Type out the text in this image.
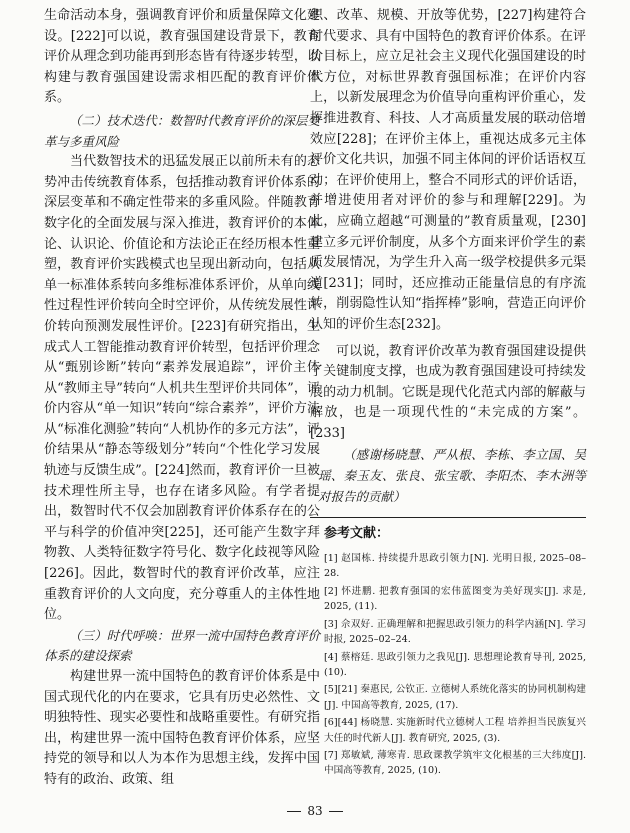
生命活动本身，强调教育评价和质量保障文化建设。[222]可以说，教育强国建设背景下，教育评价从理念到功能再到形态皆有待逐步转型，以构建与教育强国建设需求相匹配的教育评价体系。

（二）技术迭代：数智时代教育评价的深层变革与多重风险

当代数智技术的迅猛发展正以前所未有的态势冲击传统教育体系，包括推动教育评价体系的深层变革和不确定性带来的多重风险。伴随教育数字化的全面发展与深入推进，教育评价的本体论、认识论、价值论和方法论正在经历根本性重塑，教育评价实践模式也呈现出新动向，包括从单一标准体系转向多维标准体系评价，从单向线性过程性评价转向全时空评价，从传统发展性评价转向预测发展性评价。[223]有研究指出，生成式人工智能推动教育评价转型，包括评价理念从“甄别诊断”转向“素养发展追踪”，评价主体从“教师主导”转向“人机共生型评价共同体”，评价内容从“单一知识”转向“综合素养”，评价方法从“标准化测验”转向“人机协作的多元方法”，评价结果从“静态等级划分”转向“个性化学习发展轨迹与反馈生成”。[224]然而，教育评价一旦被技术理性所主导，也存在诸多风险。有学者提出，数智时代不仅会加剧教育评价体系存在的公平与科学的价值冲突[225]，还可能产生数字拜物教、人类特征数字符号化、数字化歧视等风险[226]。因此，数智时代的教育评价改革，应注重教育评价的人文向度，充分尊重人的主体性地位。

（三）时代呼唤：世界一流中国特色教育评价体系的建设探索

构建世界一流中国特色的教育评价体系是中国式现代化的内在要求，它具有历史必然性、文明独特性、现实必要性和战略重要性。有研究指出，构建世界一流中国特色教育评价体系，应坚持党的领导和以人为本作为思想主线，发挥中国特有的政治、政策、组

织、改革、规模、开放等优势，[227]构建符合时代要求、具有中国特色的教育评价体系。在评价目标上，应立足社会主义现代化强国建设的时代方位，对标世界教育强国标准；在评价内容上，以新发展理念为价值导向重构评价重心，发挥推进教育、科技、人才高质量发展的联动倍增效应[228]；在评价主体上，重视达成多元主体评价文化共识，加强不同主体间的评价话语权互动；在评价使用上，整合不同形式的评价话语，并增进使用者对评价的参与和理解[229]。为此，应确立超越“可测量的”教育质量观，[230]建立多元评价制度，从多个方面来评价学生的素质发展情况，为学生升入高一级学校提供多元渠道[231]；同时，还应推动正能量信息的有序流转，削弱隐性认知“指挥棒”影响，营造正向评价认知的评价生态[232]。

可以说，教育评价改革为教育强国建设提供了关键制度支撑，也成为教育强国建设可持续发展的动力机制。它既是现代化范式内部的解蔽与解放，也是一项现代性的“未完成的方案”。[233]

（感谢杨晓慧、严从根、李栋、李立国、吴瑶、秦玉友、张良、张宝歌、李阳杰、李木洲等对报告的贡献）

参考文献：
[1] 赵国栋. 持续提升思政引领力[N]. 光明日报, 2025–08–28.
[2] 怀进鹏. 把教育强国的宏伟蓝图变为美好现实[J]. 求是, 2025, (11).
[3] 佘双好. 正确理解和把握思政引领力的科学内涵[N]. 学习时报, 2025–02–24.
[4] 蔡榕廷. 思政引领力之我见[J]. 思想理论教育导刊, 2025, (10).
[5][21] 秦惠民, 公钦正. 立德树人系统化落实的协同机制构建[J]. 中国高等教育, 2025, (17).
[6][44] 杨晓慧. 实施新时代立德树人工程 培养担当民族复兴大任的时代新人[J]. 教育研究, 2025, (3).
[7] 郑敏斌, 薄寒青. 思政课教学筑牢文化根基的三大纬度[J]. 中国高等教育, 2025, (10).
83
